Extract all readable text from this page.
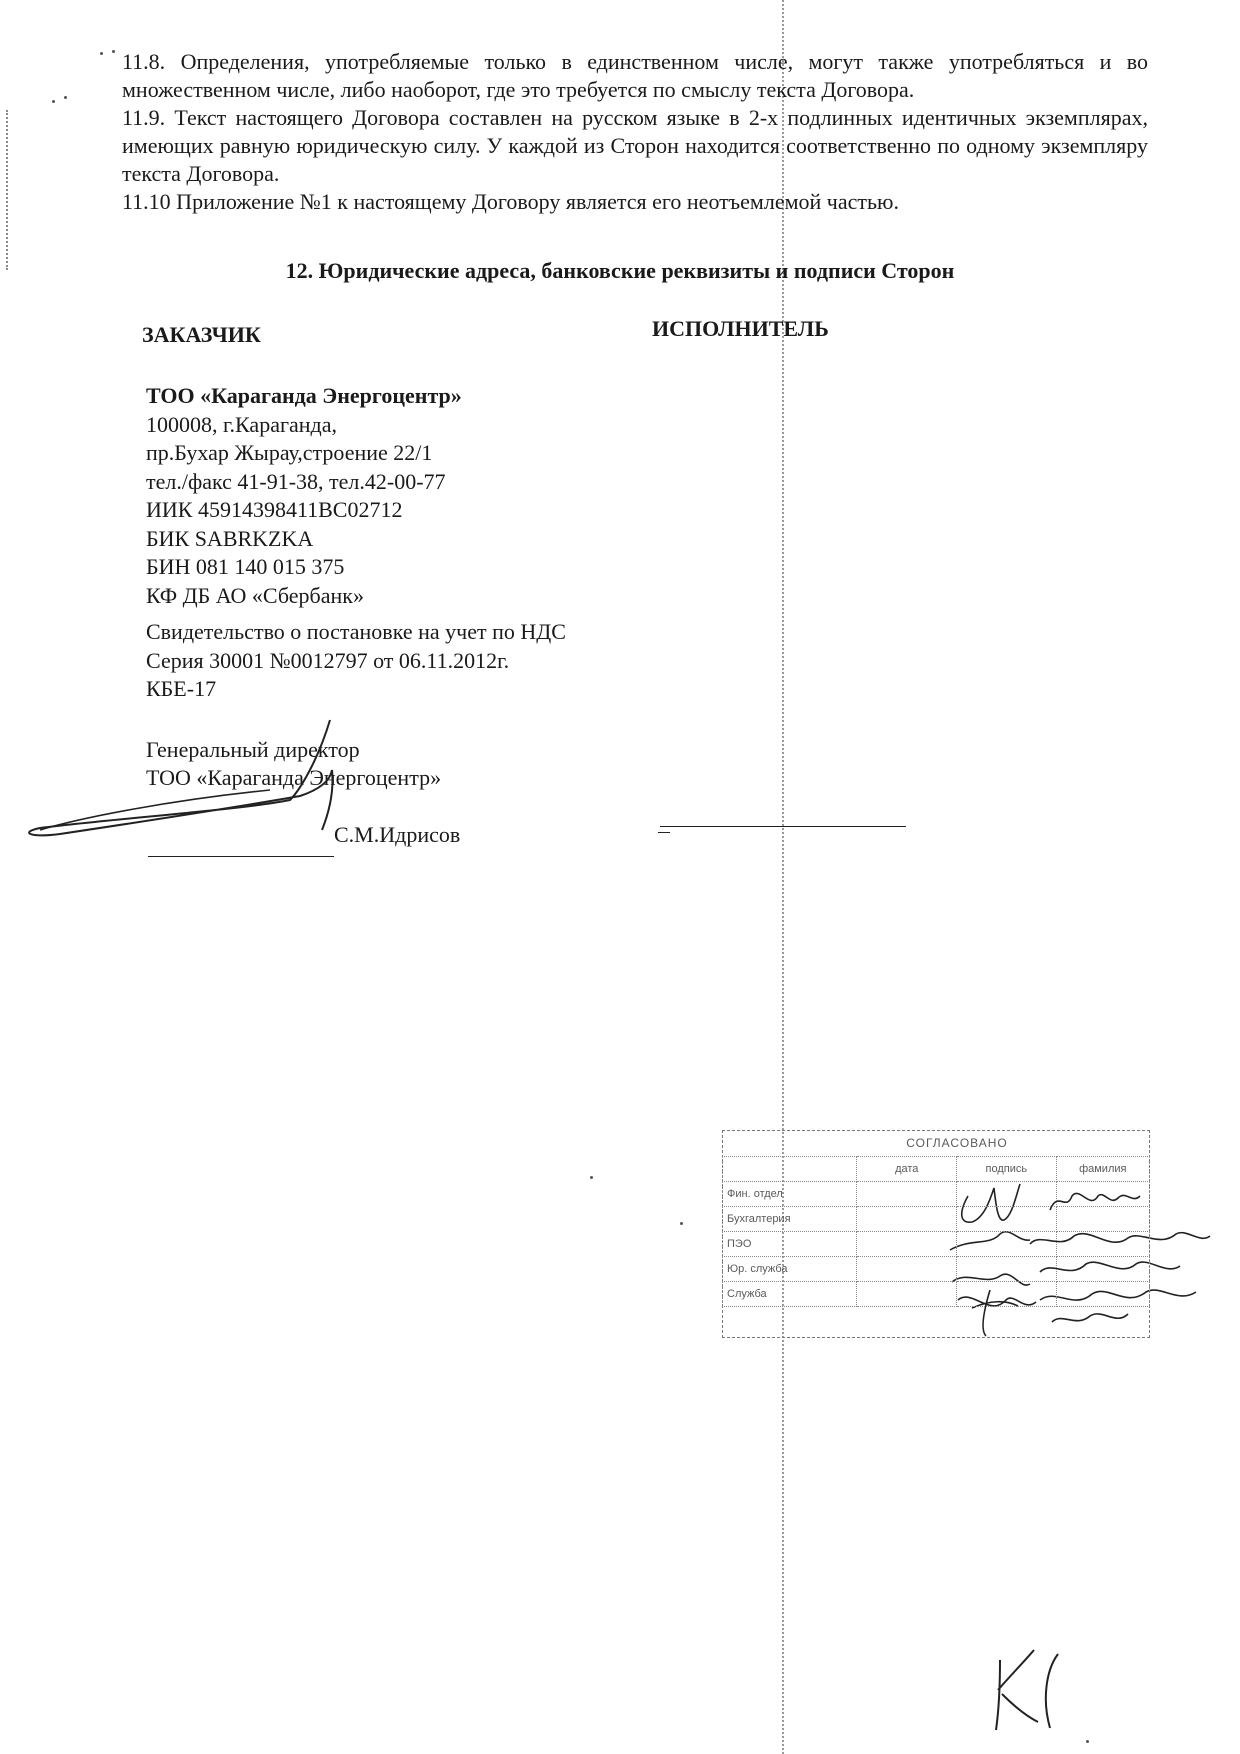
11.8. Определения, употребляемые только в единственном числе, могут также употребляться и во множественном числе, либо наоборот, где это требуется по смыслу текста Договора.

11.9. Текст настоящего Договора составлен на русском языке в 2-х подлинных идентичных экземплярах, имеющих равную юридическую силу. У каждой из Сторон находится соответственно по одному экземпляру текста Договора.

11.10 Приложение №1 к настоящему Договору является его неотъемлемой частью.

12. Юридические адреса, банковские реквизиты и подписи Сторон
ЗАКАЗЧИК	ИСПОЛНИТЕЛЬ
ТОО «Караганда Энергоцентр»
100008, г.Караганда,
пр.Бухар Жырау,строение 22/1
тел./факс 41-91-38, тел.42-00-77
ИИК 45914398411BC02712
БИК SABRKZKA
БИН 081 140 015 375
КФ ДБ АО «Сбербанк»
Свидетельство о постановке на учет по НДС
Серия 30001 №0012797 от 06.11.2012г.
КБЕ-17
Генеральный директор
ТОО «Караганда Энергоцентр»
С.М.Идрисов
СОГЛАСОВАНО
	дата	подпись	фамилия
Фин. отдел			
Бухгалтерия			
ПЭО			
Юр. служба			
Служба			
